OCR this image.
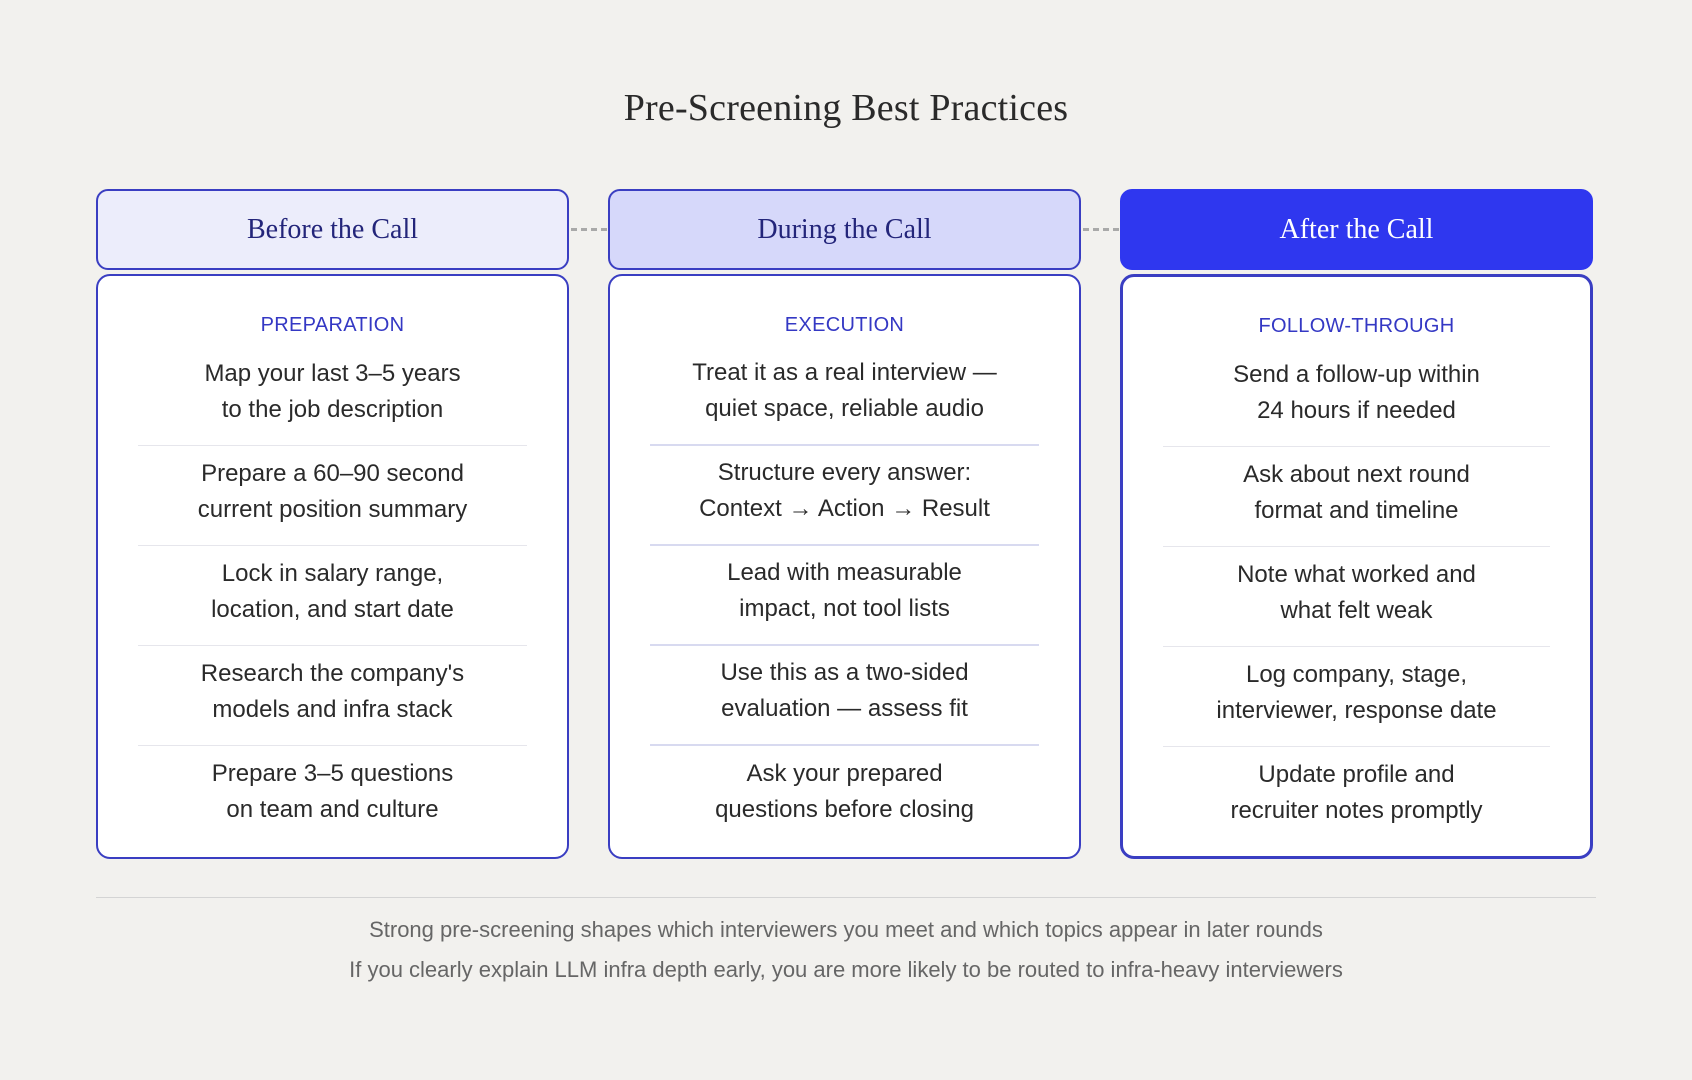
Pre-Screening Best Practices
Before the Call
PREPARATION
Map your last 3–5 years
to the job description
Prepare a 60–90 second
current position summary
Lock in salary range,
location, and start date
Research the company's
models and infra stack
Prepare 3–5 questions
on team and culture
During the Call
EXECUTION
Treat it as a real interview —
quiet space, reliable audio
Structure every answer:
Context → Action → Result
Lead with measurable
impact, not tool lists
Use this as a two-sided
evaluation — assess fit
Ask your prepared
questions before closing
After the Call
FOLLOW-THROUGH
Send a follow-up within
24 hours if needed
Ask about next round
format and timeline
Note what worked and
what felt weak
Log company, stage,
interviewer, response date
Update profile and
recruiter notes promptly
Strong pre-screening shapes which interviewers you meet and which topics appear in later rounds
If you clearly explain LLM infra depth early, you are more likely to be routed to infra-heavy interviewers
